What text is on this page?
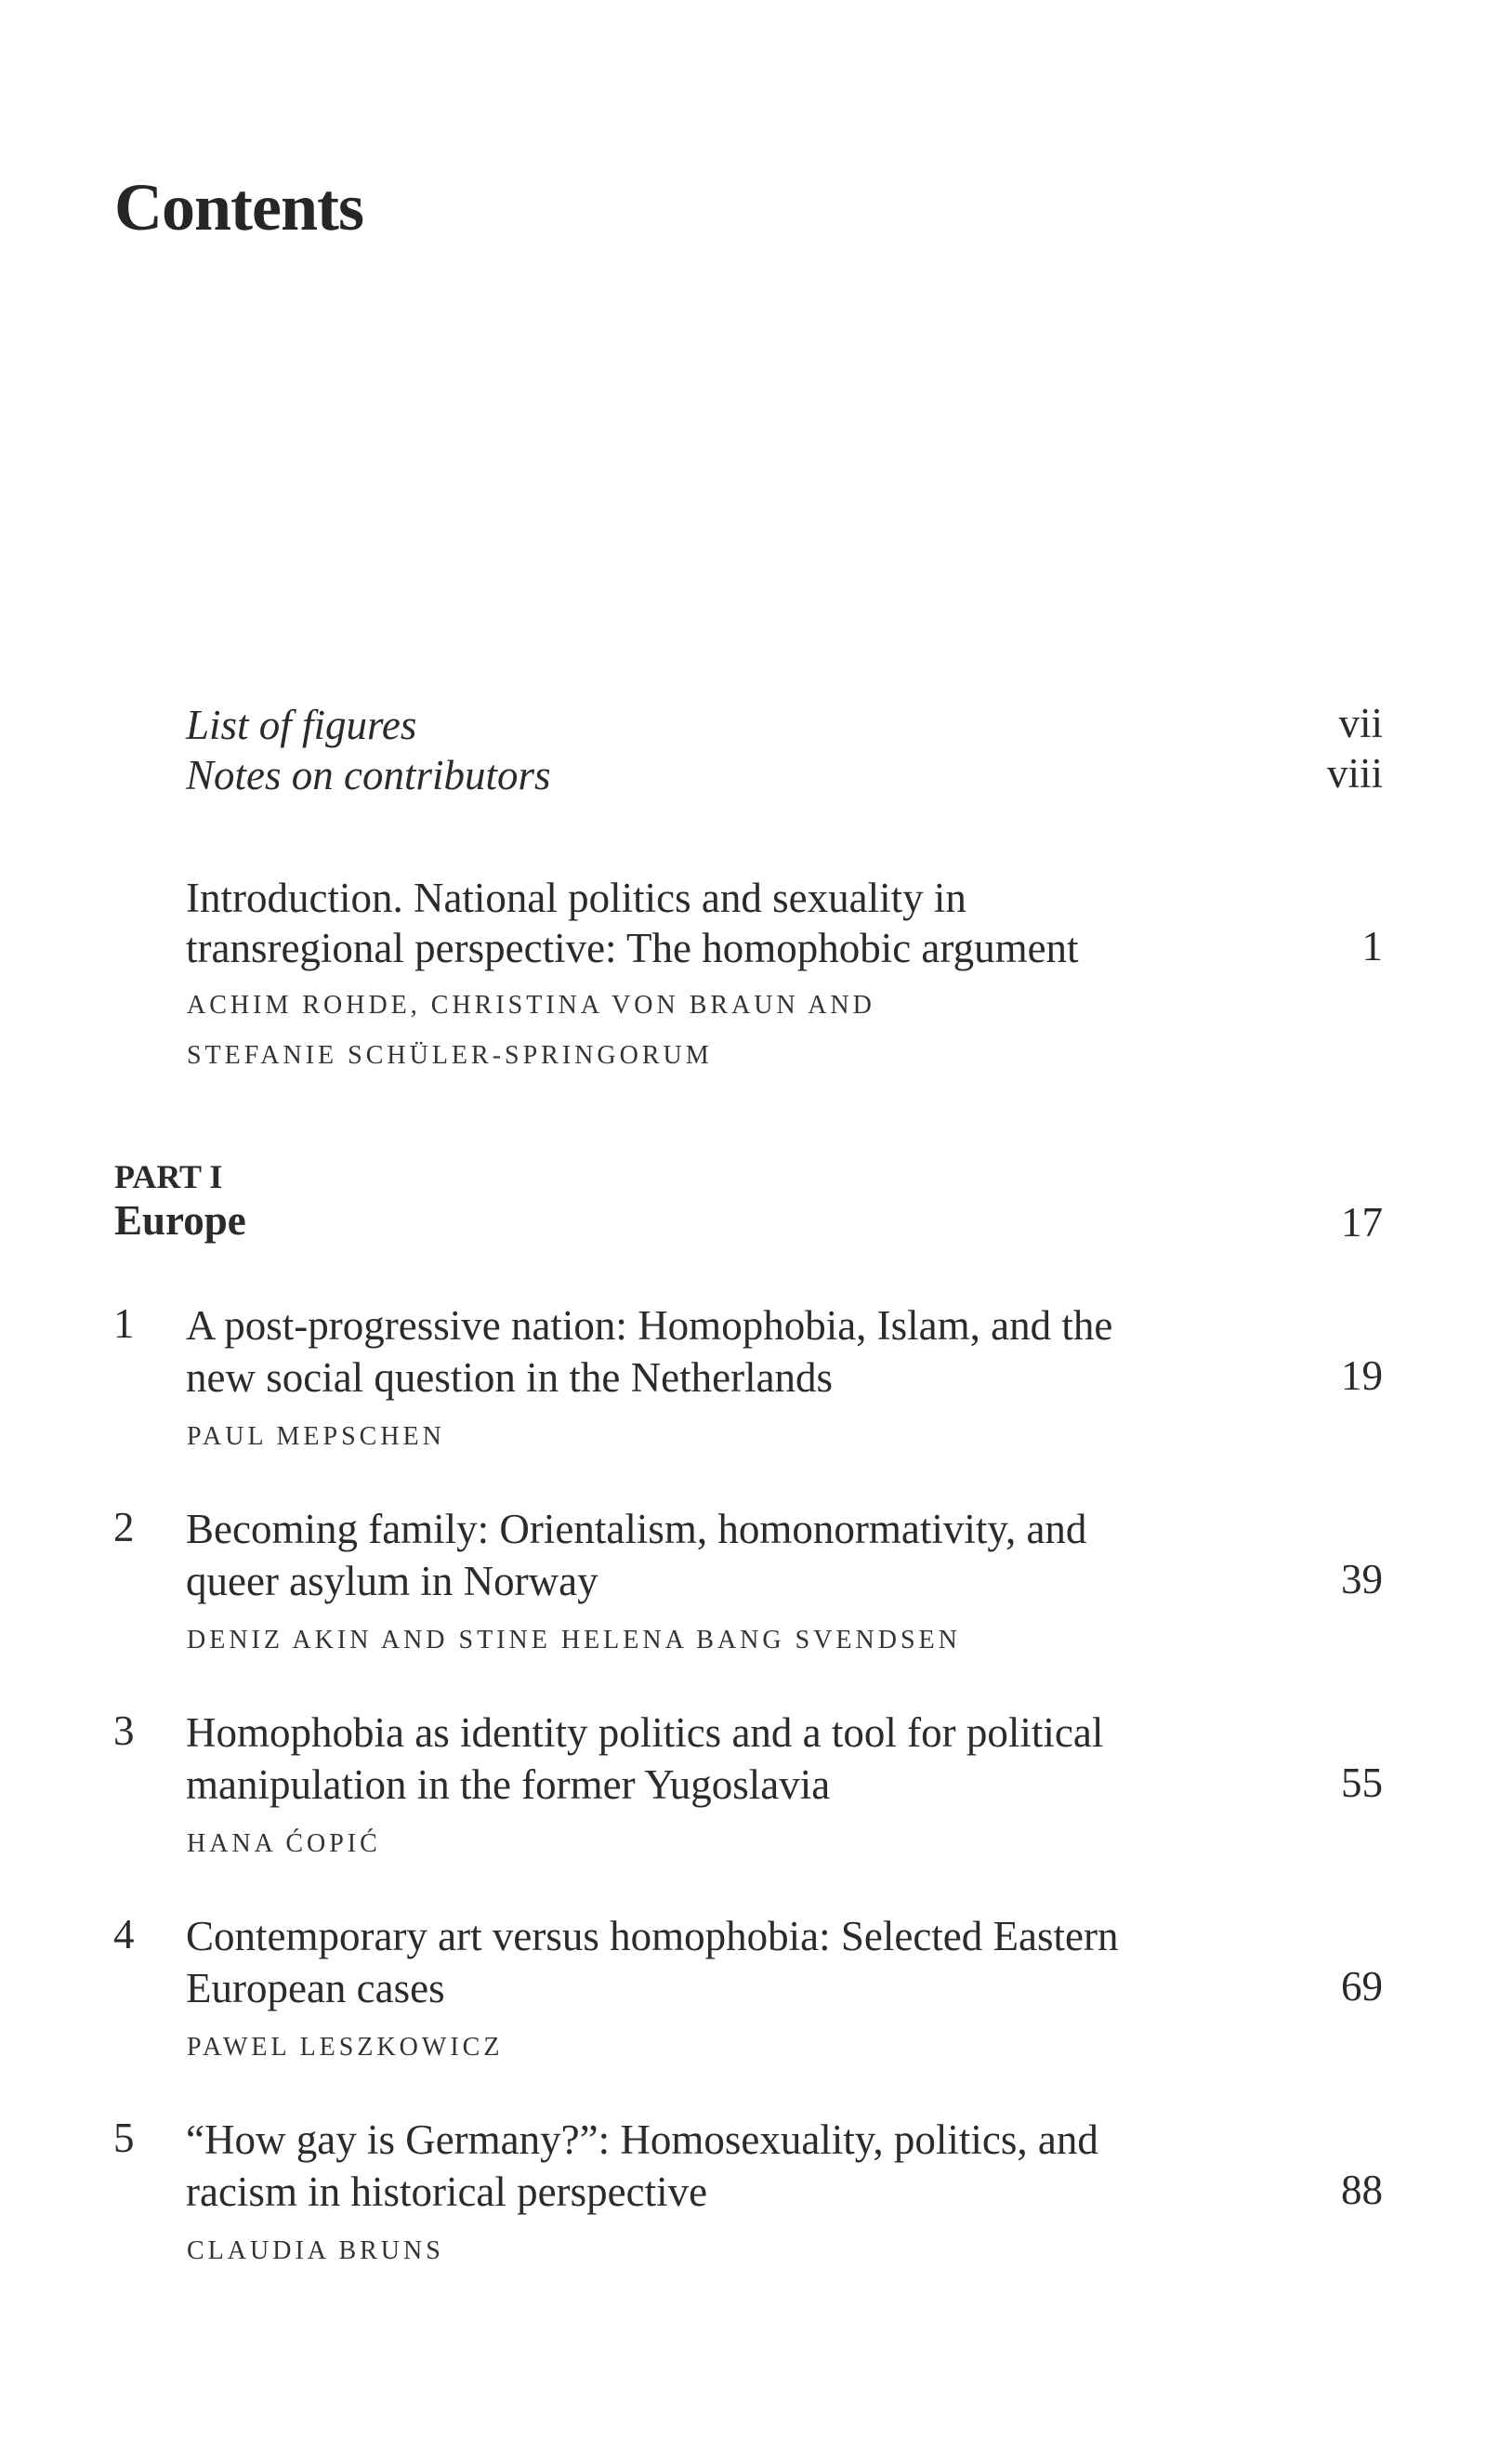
Contents
List of figures	vii
Notes on contributors	viii
Introduction. National politics and sexuality in
transregional perspective: The homophobic argument	1
ACHIM ROHDE, CHRISTINA VON BRAUN AND
STEFANIE SCHÜLER-SPRINGORUM
PART I
Europe	17
1 A post-progressive nation: Homophobia, Islam, and the
new social question in the Netherlands	19
PAUL MEPSCHEN
2 Becoming family: Orientalism, homonormativity, and
queer asylum in Norway	39
DENIZ AKIN AND STINE HELENA BANG SVENDSEN
3 Homophobia as identity politics and a tool for political
manipulation in the former Yugoslavia	55
HANA ĆOPIĆ
4 Contemporary art versus homophobia: Selected Eastern
European cases	69
PAWEL LESZKOWICZ
5 “How gay is Germany?”: Homosexuality, politics, and
racism in historical perspective	88
CLAUDIA BRUNS
